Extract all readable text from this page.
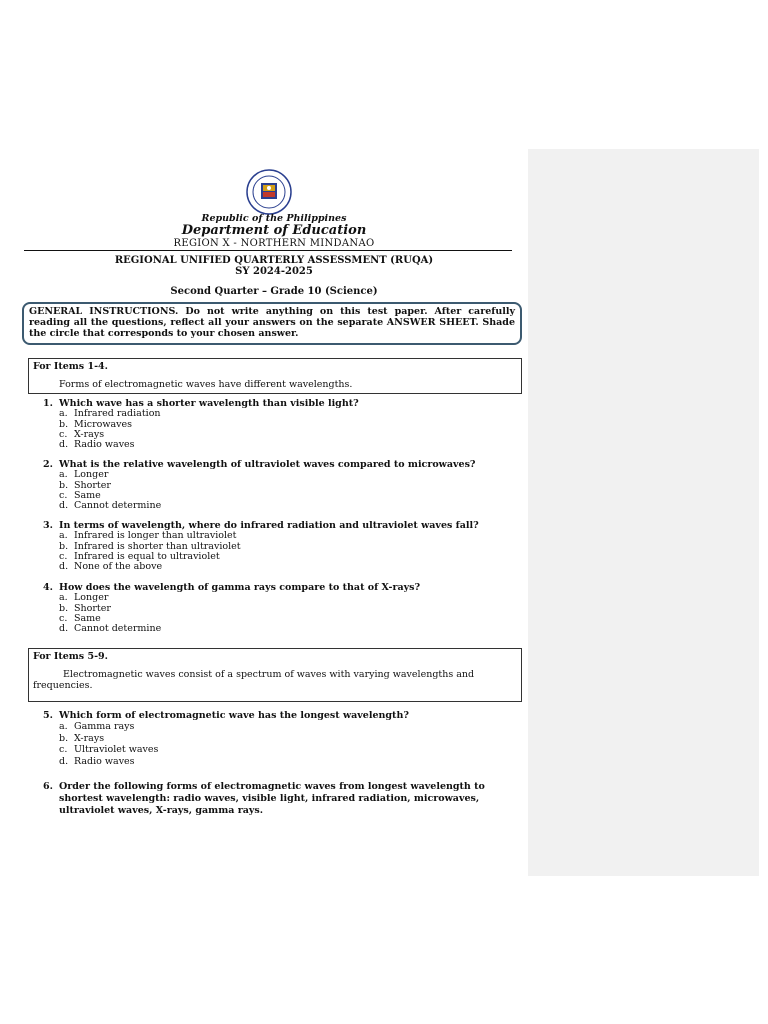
Republic of the Philippines
Department of Education
REGION X - NORTHERN MINDANAO
REGIONAL UNIFIED QUARTERLY ASSESSMENT (RUQA)
SY 2024-2025
Second Quarter – Grade 10 (Science)
GENERAL INSTRUCTIONS. Do not write anything on this test paper. After carefully reading all the questions, reflect all your answers on the separate ANSWER SHEET. Shade the circle that corresponds to your chosen answer.
For Items 1-4.
Forms of electromagnetic waves have different wavelengths.
1. Which wave has a shorter wavelength than visible light?
a. Infrared radiation
b. Microwaves
c. X-rays
d. Radio waves
2. What is the relative wavelength of ultraviolet waves compared to microwaves?
a. Longer
b. Shorter
c. Same
d. Cannot determine
3. In terms of wavelength, where do infrared radiation and ultraviolet waves fall?
a. Infrared is longer than ultraviolet
b. Infrared is shorter than ultraviolet
c. Infrared is equal to ultraviolet
d. None of the above
4. How does the wavelength of gamma rays compare to that of X-rays?
a. Longer
b. Shorter
c. Same
d. Cannot determine
For Items 5-9.
Electromagnetic waves consist of a spectrum of waves with varying wavelengths and frequencies.
5. Which form of electromagnetic wave has the longest wavelength?
a. Gamma rays
b. X-rays
c. Ultraviolet waves
d. Radio waves
6. Order the following forms of electromagnetic waves from longest wavelength to shortest wavelength: radio waves, visible light, infrared radiation, microwaves, ultraviolet waves, X-rays, gamma rays.
